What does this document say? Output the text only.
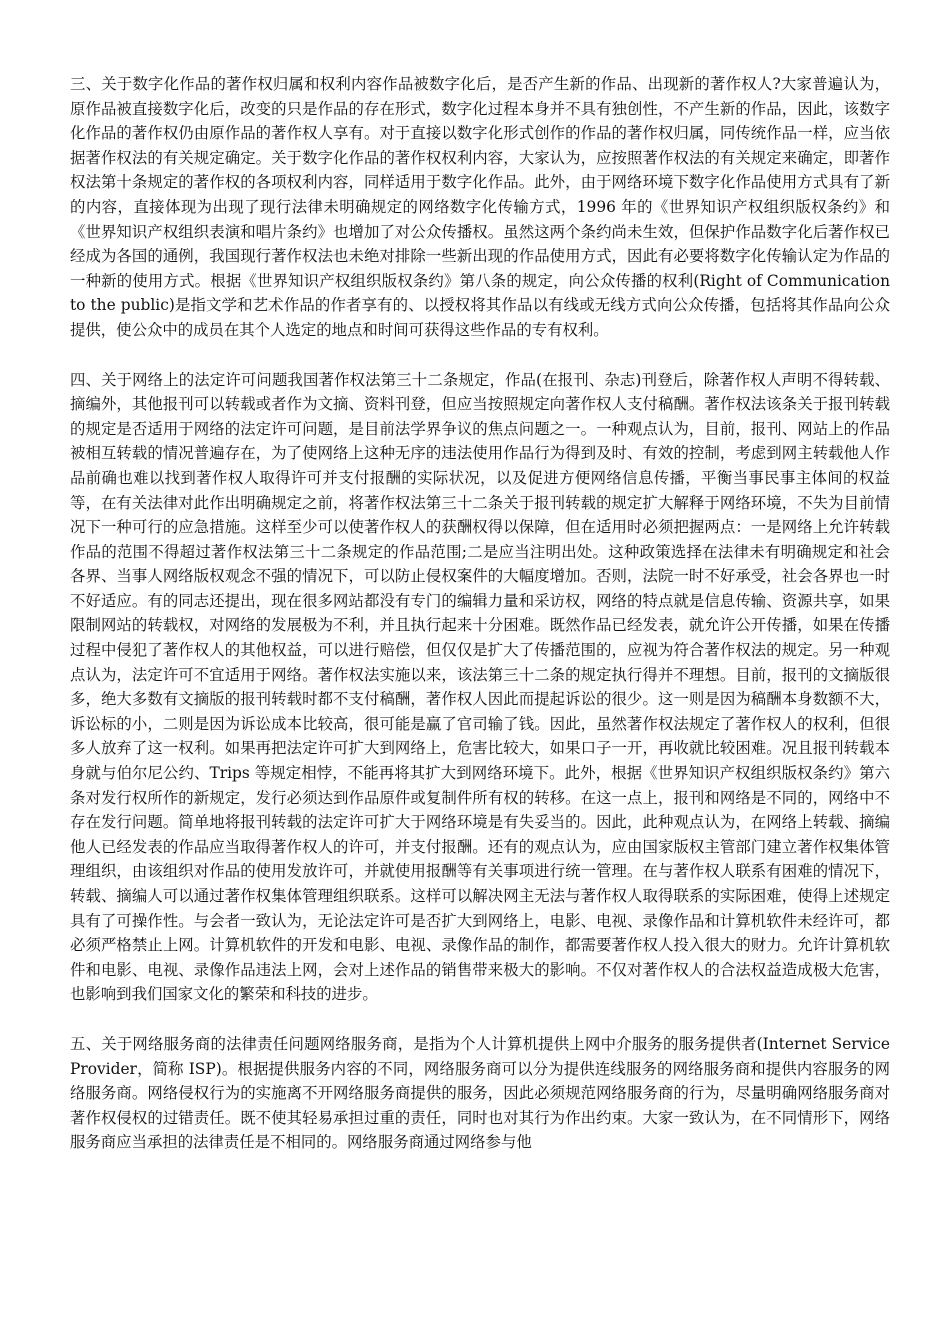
三、关于数字化作品的著作权归属和权利内容作品被数字化后，是否产生新的作品、出现新的著作权人?大家普遍认为，原作品被直接数字化后，改变的只是作品的存在形式，数字化过程本身并不具有独创性，不产生新的作品，因此，该数字化作品的著作权仍由原作品的著作权人享有。对于直接以数字化形式创作的作品的著作权归属，同传统作品一样，应当依据著作权法的有关规定确定。关于数字化作品的著作权权利内容，大家认为，应按照著作权法的有关规定来确定，即著作权法第十条规定的著作权的各项权利内容，同样适用于数字化作品。此外，由于网络环境下数字化作品使用方式具有了新的内容，直接体现为出现了现行法律未明确规定的网络数字化传输方式，1996 年的《世界知识产权组织版权条约》和《世界知识产权组织表演和唱片条约》也增加了对公众传播权。虽然这两个条约尚未生效，但保护作品数字化后著作权已经成为各国的通例，我国现行著作权法也未绝对排除一些新出现的作品使用方式，因此有必要将数字化传输认定为作品的一种新的使用方式。根据《世界知识产权组织版权条约》第八条的规定，向公众传播的权利(Right of Communication to the public)是指文学和艺术作品的作者享有的、以授权将其作品以有线或无线方式向公众传播，包括将其作品向公众提供，使公众中的成员在其个人选定的地点和时间可获得这些作品的专有权利。

四、关于网络上的法定许可问题我国著作权法第三十二条规定，作品(在报刊、杂志)刊登后，除著作权人声明不得转载、摘编外，其他报刊可以转载或者作为文摘、资料刊登，但应当按照规定向著作权人支付稿酬。著作权法该条关于报刊转载的规定是否适用于网络的法定许可问题，是目前法学界争议的焦点问题之一。一种观点认为，目前，报刊、网站上的作品被相互转载的情况普遍存在，为了使网络上这种无序的违法使用作品行为得到及时、有效的控制，考虑到网主转载他人作品前确也难以找到著作权人取得许可并支付报酬的实际状况，以及促进方便网络信息传播，平衡当事民事主体间的权益等，在有关法律对此作出明确规定之前，将著作权法第三十二条关于报刊转载的规定扩大解释于网络环境，不失为目前情况下一种可行的应急措施。这样至少可以使著作权人的获酬权得以保障，但在适用时必须把握两点：一是网络上允许转载作品的范围不得超过著作权法第三十二条规定的作品范围;二是应当注明出处。这种政策选择在法律未有明确规定和社会各界、当事人网络版权观念不强的情况下，可以防止侵权案件的大幅度增加。否则，法院一时不好承受，社会各界也一时不好适应。有的同志还提出，现在很多网站都没有专门的编辑力量和采访权，网络的特点就是信息传输、资源共享，如果限制网站的转载权，对网络的发展极为不利，并且执行起来十分困难。既然作品已经发表，就允许公开传播，如果在传播过程中侵犯了著作权人的其他权益，可以进行赔偿，但仅仅是扩大了传播范围的，应视为符合著作权法的规定。另一种观点认为，法定许可不宜适用于网络。著作权法实施以来，该法第三十二条的规定执行得并不理想。目前，报刊的文摘版很多，绝大多数有文摘版的报刊转载时都不支付稿酬，著作权人因此而提起诉讼的很少。这一则是因为稿酬本身数额不大，诉讼标的小，二则是因为诉讼成本比较高，很可能是赢了官司输了钱。因此，虽然著作权法规定了著作权人的权利，但很多人放弃了这一权利。如果再把法定许可扩大到网络上，危害比较大，如果口子一开，再收就比较困难。况且报刊转载本身就与伯尔尼公约、Trips 等规定相悖，不能再将其扩大到网络环境下。此外，根据《世界知识产权组织版权条约》第六条对发行权所作的新规定，发行必须达到作品原件或复制件所有权的转移。在这一点上，报刊和网络是不同的，网络中不存在发行问题。简单地将报刊转载的法定许可扩大于网络环境是有失妥当的。因此，此种观点认为，在网络上转载、摘编他人已经发表的作品应当取得著作权人的许可，并支付报酬。还有的观点认为，应由国家版权主管部门建立著作权集体管理组织，由该组织对作品的使用发放许可，并就使用报酬等有关事项进行统一管理。在与著作权人联系有困难的情况下，转载、摘编人可以通过著作权集体管理组织联系。这样可以解决网主无法与著作权人取得联系的实际困难，使得上述规定具有了可操作性。与会者一致认为，无论法定许可是否扩大到网络上，电影、电视、录像作品和计算机软件未经许可，都必须严格禁止上网。计算机软件的开发和电影、电视、录像作品的制作，都需要著作权人投入很大的财力。允许计算机软件和电影、电视、录像作品违法上网，会对上述作品的销售带来极大的影响。不仅对著作权人的合法权益造成极大危害，也影响到我们国家文化的繁荣和科技的进步。

五、关于网络服务商的法律责任问题网络服务商，是指为个人计算机提供上网中介服务的服务提供者(Internet Service Provider，简称 ISP)。根据提供服务内容的不同，网络服务商可以分为提供连线服务的网络服务商和提供内容服务的网络服务商。网络侵权行为的实施离不开网络服务商提供的服务，因此必须规范网络服务商的行为，尽量明确网络服务商对著作权侵权的过错责任。既不使其轻易承担过重的责任，同时也对其行为作出约束。大家一致认为，在不同情形下，网络服务商应当承担的法律责任是不相同的。网络服务商通过网络参与他
